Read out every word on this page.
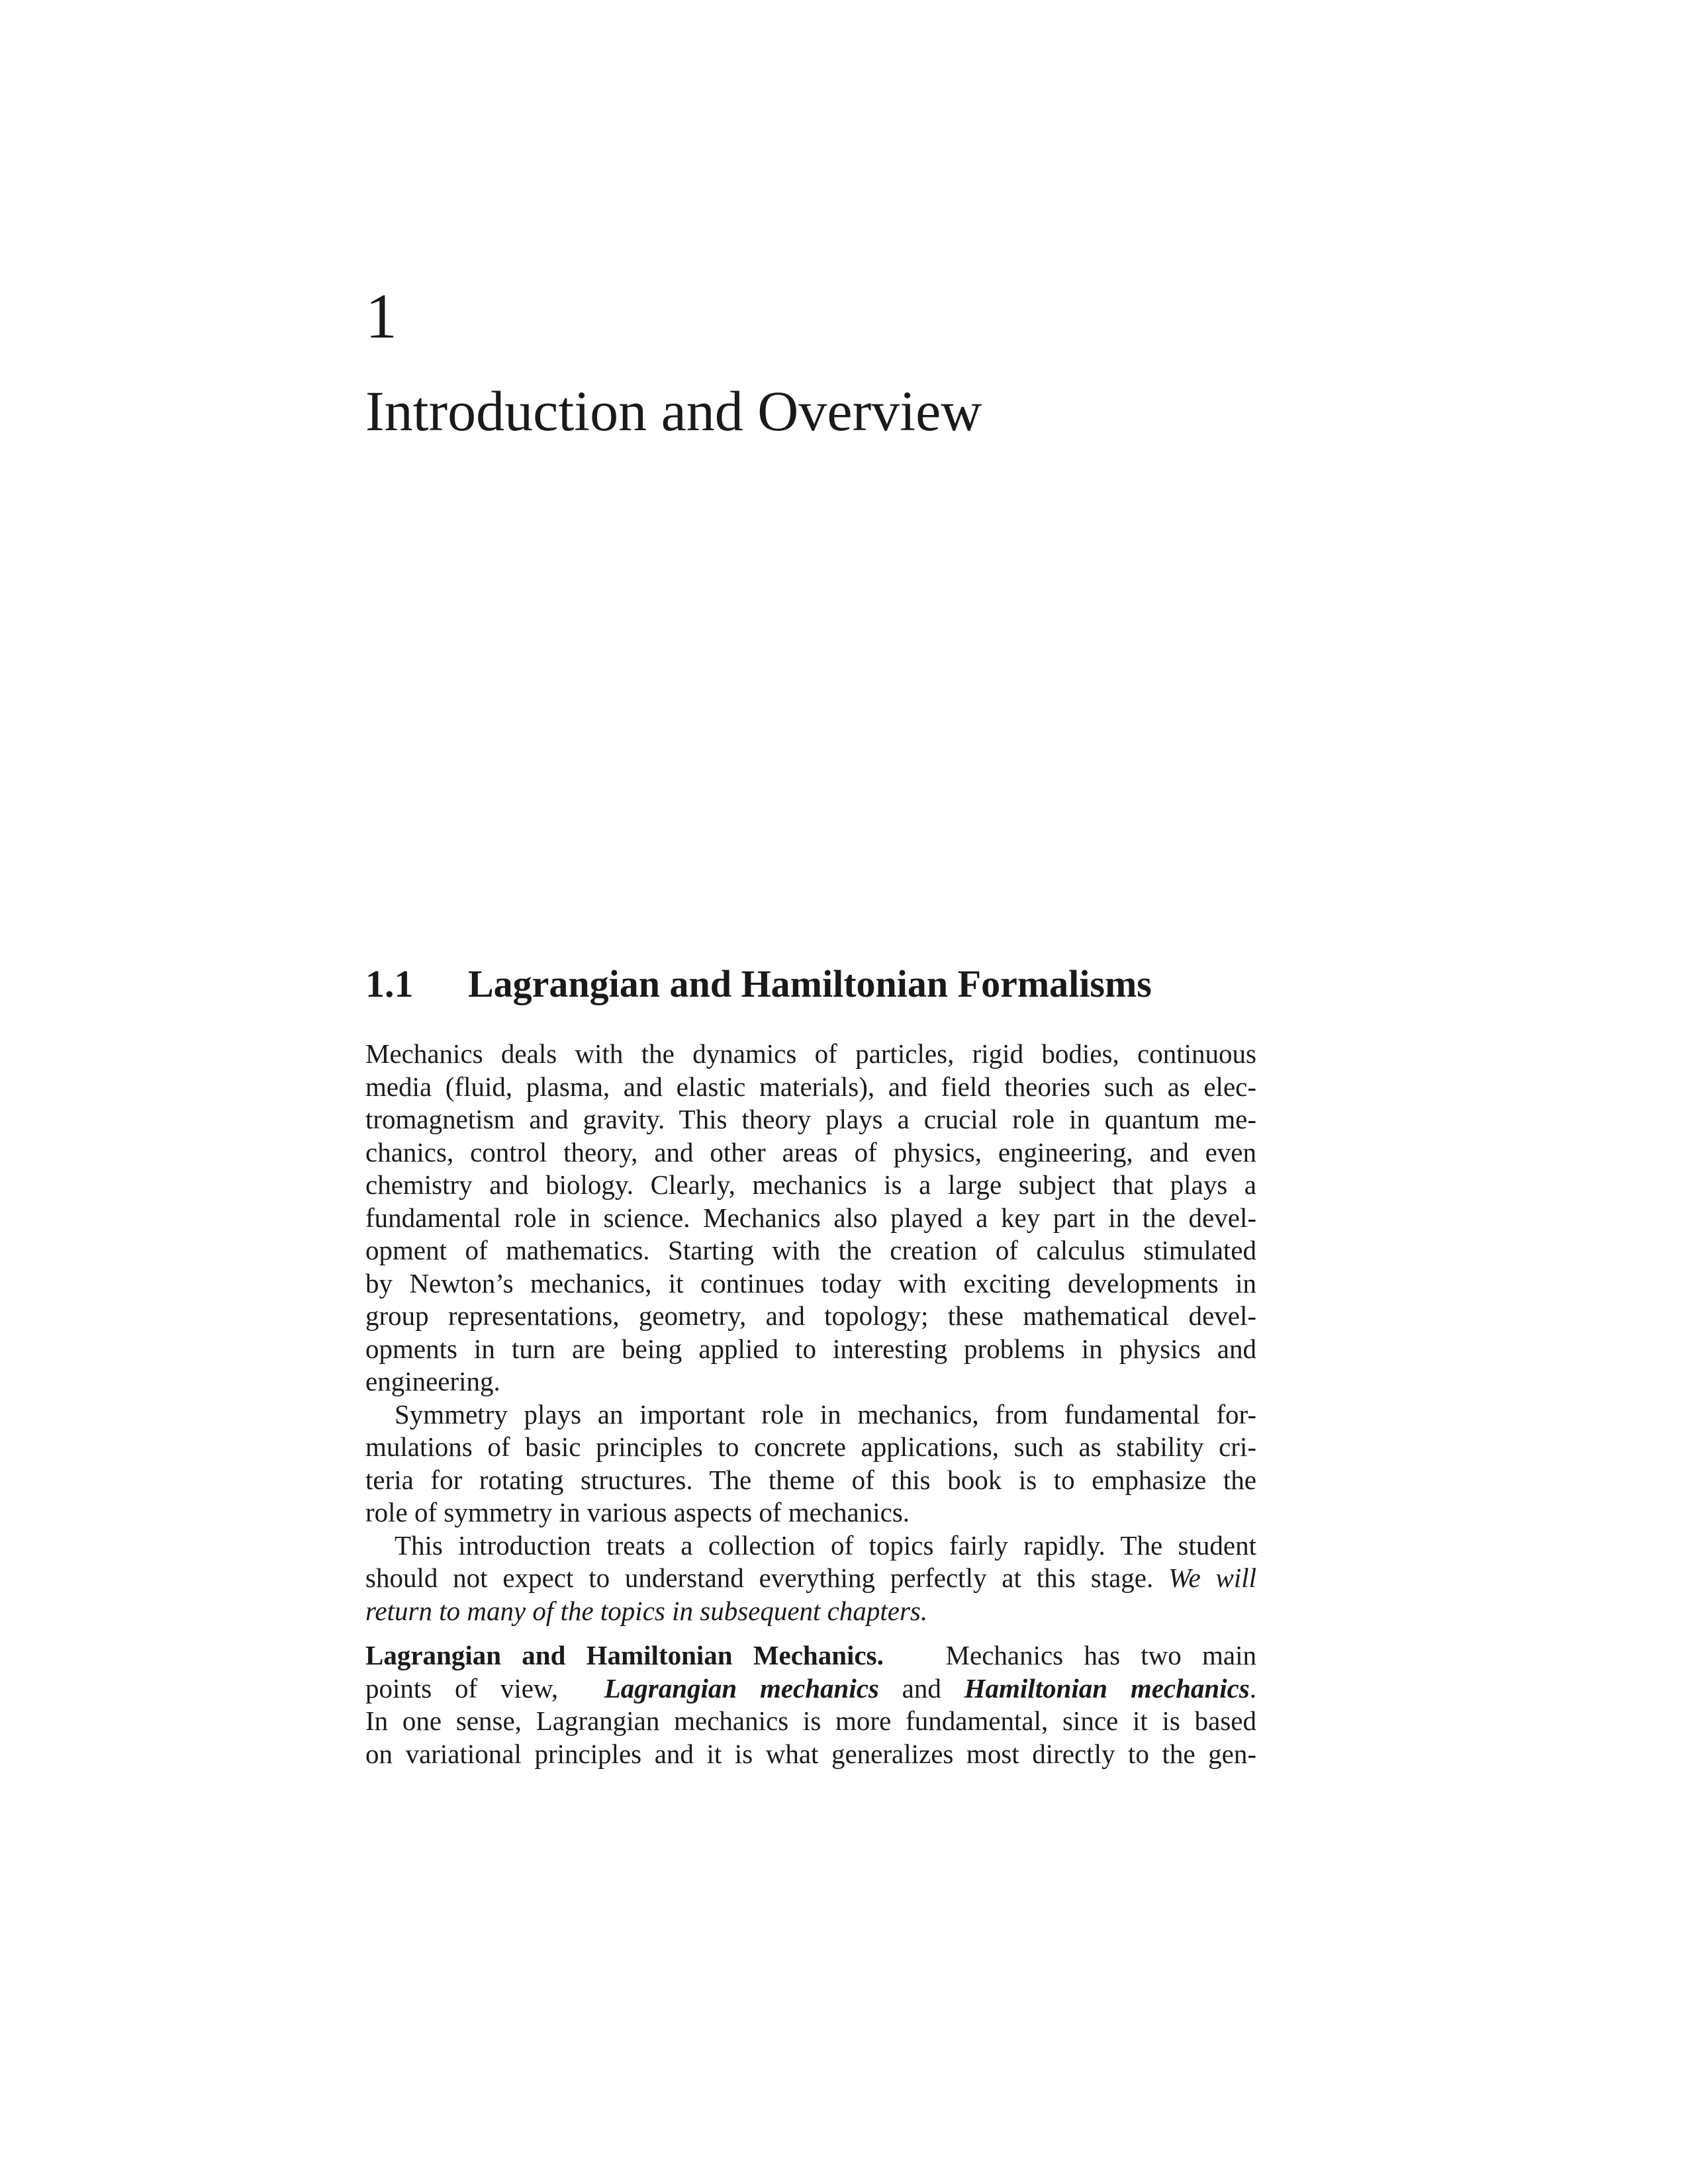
1
Introduction and Overview
1.1 Lagrangian and Hamiltonian Formalisms
Mechanics deals with the dynamics of particles, rigid bodies, continuous
media (fluid, plasma, and elastic materials), and field theories such as elec-
tromagnetism and gravity. This theory plays a crucial role in quantum me-
chanics, control theory, and other areas of physics, engineering, and even
chemistry and biology. Clearly, mechanics is a large subject that plays a
fundamental role in science. Mechanics also played a key part in the devel-
opment of mathematics. Starting with the creation of calculus stimulated
by Newton’s mechanics, it continues today with exciting developments in
group representations, geometry, and topology; these mathematical devel-
opments in turn are being applied to interesting problems in physics and
engineering.
Symmetry plays an important role in mechanics, from fundamental for-
mulations of basic principles to concrete applications, such as stability cri-
teria for rotating structures. The theme of this book is to emphasize the
role of symmetry in various aspects of mechanics.
This introduction treats a collection of topics fairly rapidly. The student
should not expect to understand everything perfectly at this stage. We will
return to many of the topics in subsequent chapters.
Lagrangian and Hamiltonian Mechanics. Mechanics has two main
points of view, Lagrangian mechanics and Hamiltonian mechanics.
In one sense, Lagrangian mechanics is more fundamental, since it is based
on variational principles and it is what generalizes most directly to the gen-
